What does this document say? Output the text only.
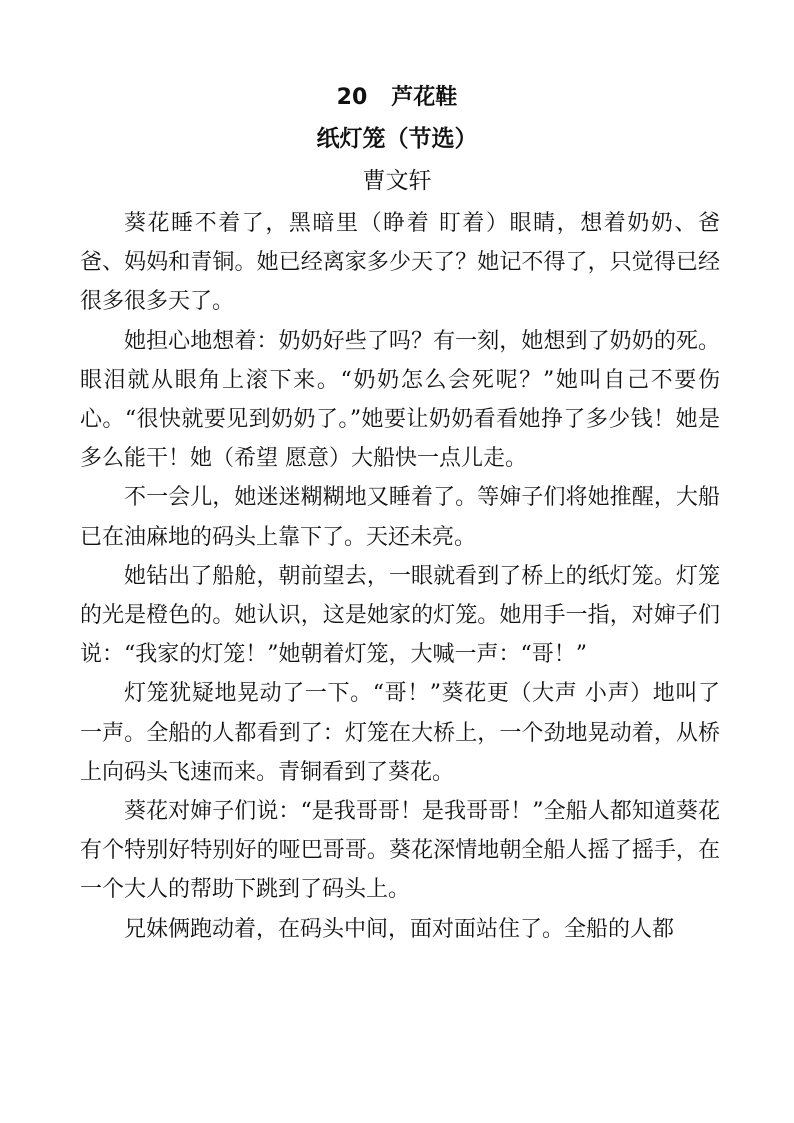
20 芦花鞋
纸灯笼（节选）
曹文轩

葵花睡不着了，黑暗里（睁着 盯着）眼睛，想着奶奶、爸爸、妈妈和青铜。她已经离家多少天了？她记不得了，只觉得已经很多很多天了。

她担心地想着：奶奶好些了吗？有一刻，她想到了奶奶的死。眼泪就从眼角上滚下来。“奶奶怎么会死呢？”她叫自己不要伤心。“很快就要见到奶奶了。”她要让奶奶看看她挣了多少钱！她是多么能干！她（希望 愿意）大船快一点儿走。

不一会儿，她迷迷糊糊地又睡着了。等婶子们将她推醒，大船已在油麻地的码头上靠下了。天还未亮。

她钻出了船舱，朝前望去，一眼就看到了桥上的纸灯笼。灯笼的光是橙色的。她认识，这是她家的灯笼。她用手一指，对婶子们说：“我家的灯笼！”她朝着灯笼，大喊一声：“哥！”

灯笼犹疑地晃动了一下。“哥！”葵花更（大声 小声）地叫了一声。全船的人都看到了：灯笼在大桥上，一个劲地晃动着，从桥上向码头飞速而来。青铜看到了葵花。

葵花对婶子们说：“是我哥哥！是我哥哥！”全船人都知道葵花有个特别好特别好的哑巴哥哥。葵花深情地朝全船人摇了摇手，在一个大人的帮助下跳到了码头上。

兄妹俩跑动着，在码头中间，面对面站住了。全船的人都
